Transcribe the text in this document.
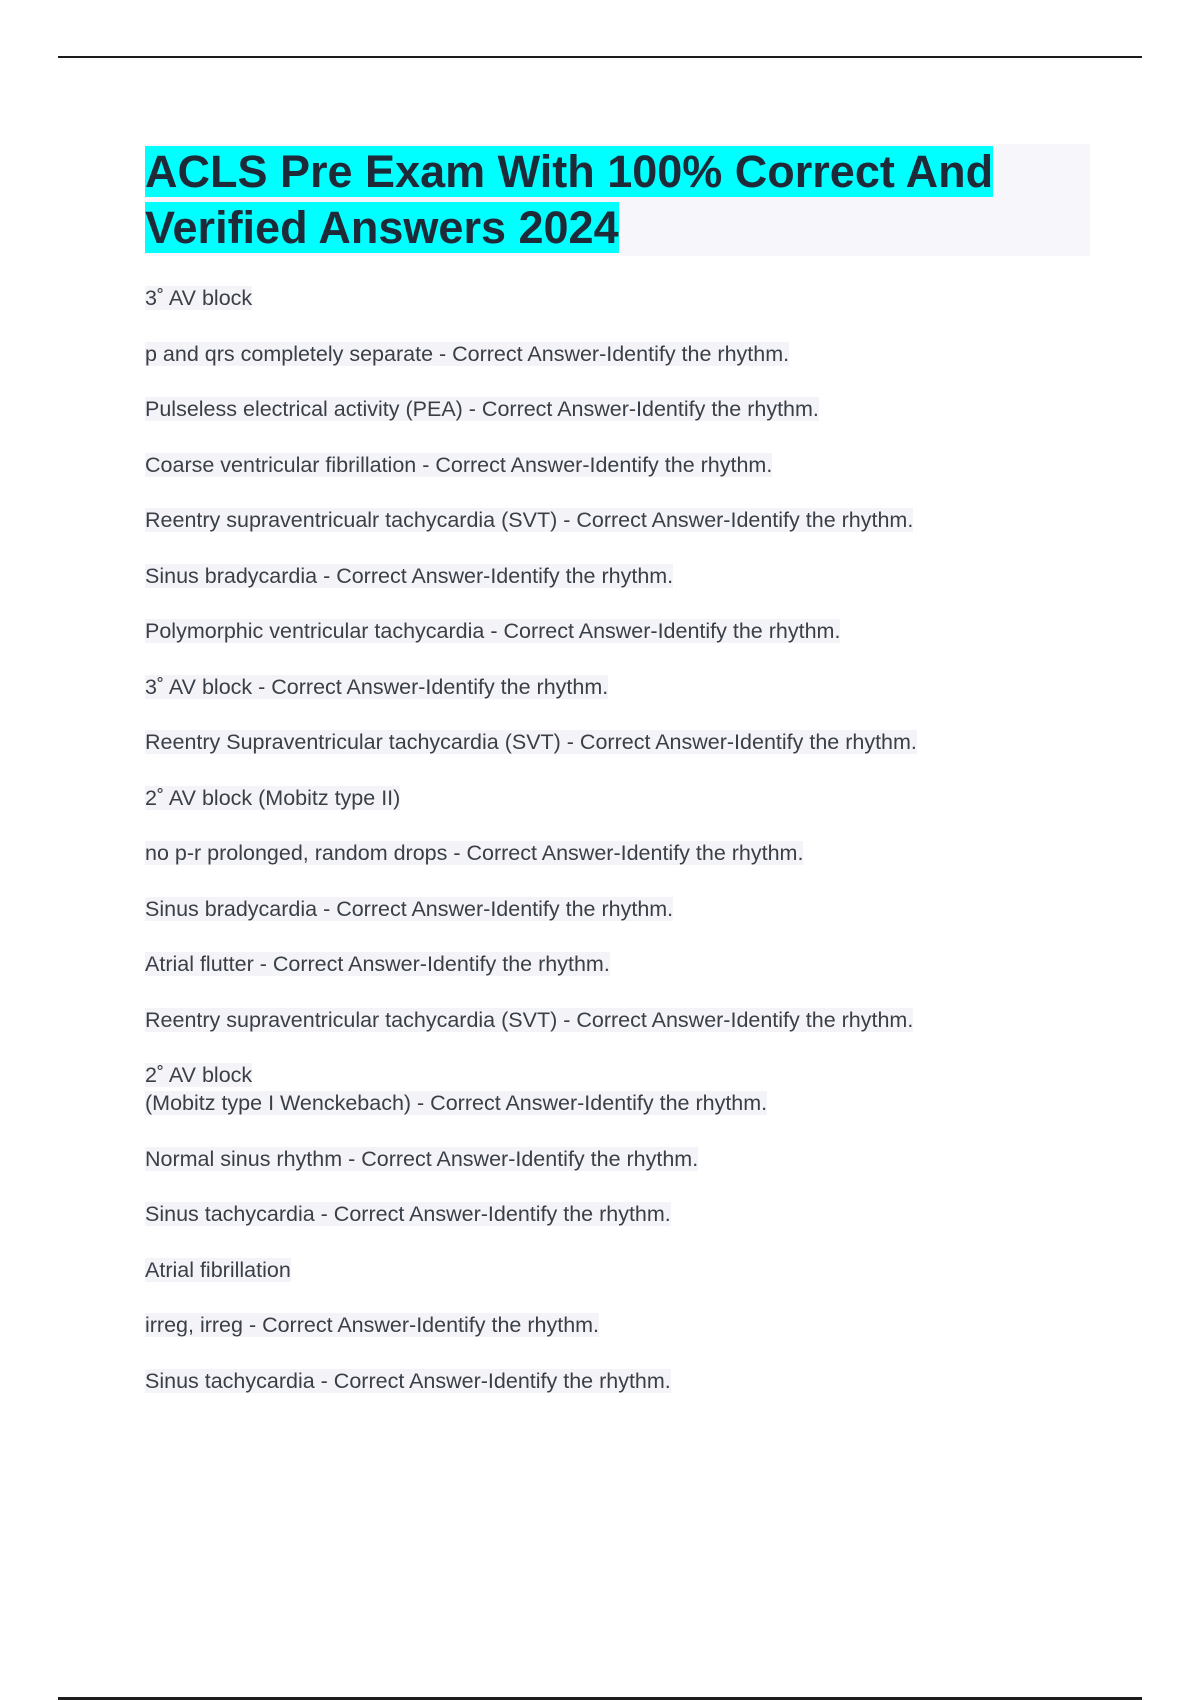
ACLS Pre Exam With 100% Correct And Verified Answers 2024
3˚ AV block
p and qrs completely separate - Correct Answer-Identify the rhythm.
Pulseless electrical activity (PEA) - Correct Answer-Identify the rhythm.
Coarse ventricular fibrillation - Correct Answer-Identify the rhythm.
Reentry supraventricualr tachycardia (SVT) - Correct Answer-Identify the rhythm.
Sinus bradycardia - Correct Answer-Identify the rhythm.
Polymorphic ventricular tachycardia - Correct Answer-Identify the rhythm.
3˚ AV block - Correct Answer-Identify the rhythm.
Reentry Supraventricular tachycardia (SVT) - Correct Answer-Identify the rhythm.
2˚ AV block (Mobitz type II)
no p-r prolonged, random drops - Correct Answer-Identify the rhythm.
Sinus bradycardia - Correct Answer-Identify the rhythm.
Atrial flutter - Correct Answer-Identify the rhythm.
Reentry supraventricular tachycardia (SVT) - Correct Answer-Identify the rhythm.
2˚ AV block
(Mobitz type I Wenckebach) - Correct Answer-Identify the rhythm.
Normal sinus rhythm - Correct Answer-Identify the rhythm.
Sinus tachycardia - Correct Answer-Identify the rhythm.
Atrial fibrillation
irreg, irreg - Correct Answer-Identify the rhythm.
Sinus tachycardia - Correct Answer-Identify the rhythm.
